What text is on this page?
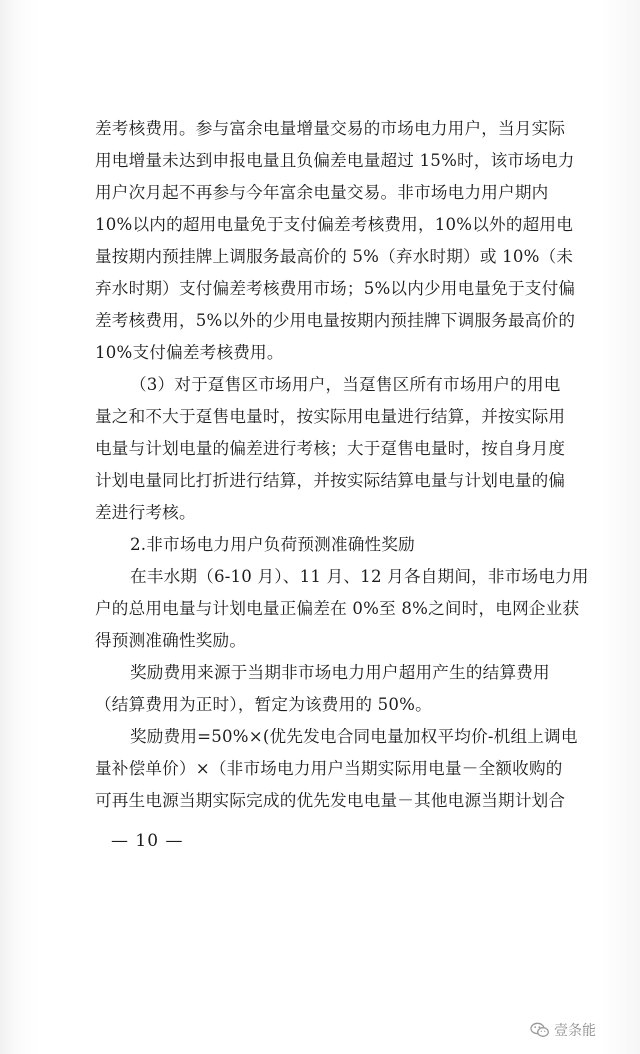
差考核费用。参与富余电量增量交易的市场电力用户，当月实际

用电增量未达到申报电量且负偏差电量超过 15%时，该市场电力

用户次月起不再参与今年富余电量交易。非市场电力用户期内

10%以内的超用电量免于支付偏差考核费用，10%以外的超用电

量按期内预挂牌上调服务最高价的 5%（弃水时期）或 10%（未

弃水时期）支付偏差考核费用市场；5%以内少用电量免于支付偏

差考核费用，5%以外的少用电量按期内预挂牌下调服务最高价的

10%支付偏差考核费用。

（3）对于趸售区市场用户，当趸售区所有市场用户的用电

量之和不大于趸售电量时，按实际用电量进行结算，并按实际用

电量与计划电量的偏差进行考核；大于趸售电量时，按自身月度

计划电量同比打折进行结算，并按实际结算电量与计划电量的偏

差进行考核。

2.非市场电力用户负荷预测准确性奖励

在丰水期（6-10 月）、11 月、12 月各自期间，非市场电力用

户的总用电量与计划电量正偏差在 0%至 8%之间时，电网企业获

得预测准确性奖励。

奖励费用来源于当期非市场电力用户超用产生的结算费用

（结算费用为正时），暂定为该费用的 50%。

奖励费用=50%×(优先发电合同电量加权平均价-机组上调电

量补偿单价）×（非市场电力用户当期实际用电量－全额收购的

可再生电源当期实际完成的优先发电电量－其他电源当期计划合

— 10 —
壹条能
